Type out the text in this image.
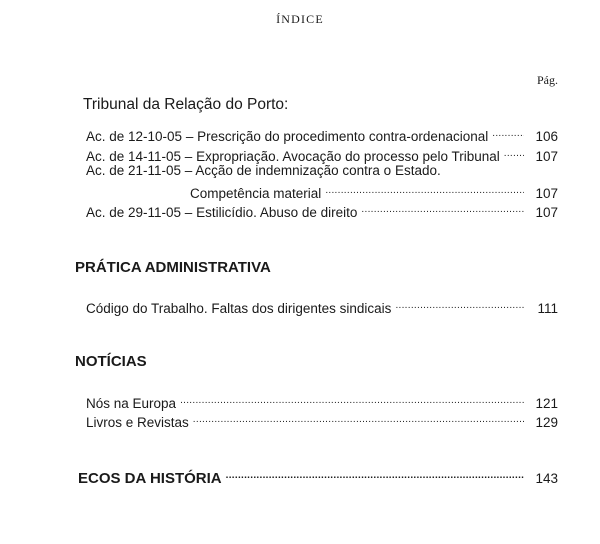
ÍNDICE
Pág.
Tribunal da Relação do Porto:
Ac. de 12-10-05 – Prescrição do procedimento contra-ordenacional .....	106
Ac. de 14-11-05 – Expropriação. Avocação do processo pelo Tribunal .....	107
Ac. de 21-11-05 – Acção de indemnização contra o Estado.
Competência material .....	107
Ac. de 29-11-05 – Estilicídio. Abuso de direito .....	107
PRÁTICA ADMINISTRATIVA
Código do Trabalho. Faltas dos dirigentes sindicais .....	111
NOTÍCIAS
Nós na Europa .....	121
Livros e Revistas .....	129
ECOS DA HISTÓRIA .....	143
